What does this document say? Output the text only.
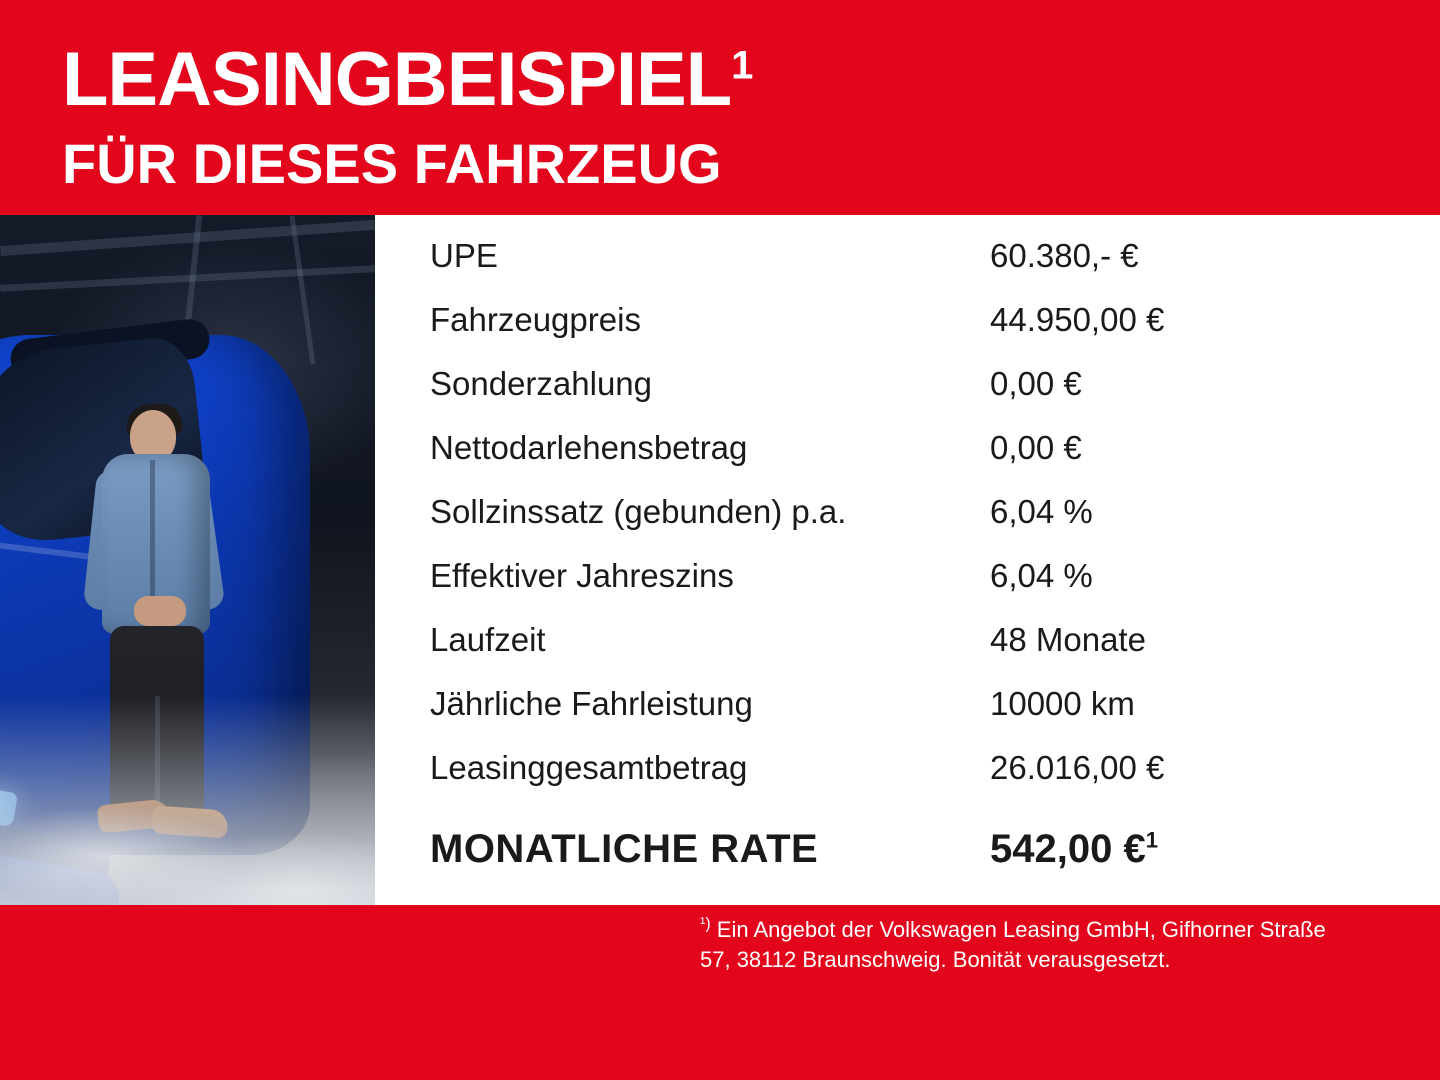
LEASINGBEISPIEL$^1$
FÜR DIESES FAHRZEUG
UPE	60.380,- €
Fahrzeugpreis	44.950,00 €
Sonderzahlung	0,00 €
Nettodarlehensbetrag	0,00 €
Sollzinssatz (gebunden) p.a.	6,04 %
Effektiver Jahreszins	6,04 %
Laufzeit	48 Monate
Jährliche Fahrleistung	10000 km
Leasinggesamtbetrag	26.016,00 €
MONATLICHE RATE	542,00 €$^1$
$^{^1)}$ Ein Angebot der Volkswagen Leasing GmbH, Gifhorner Straße 57, 38112 Braunschweig. Bonität verausgesetzt.
